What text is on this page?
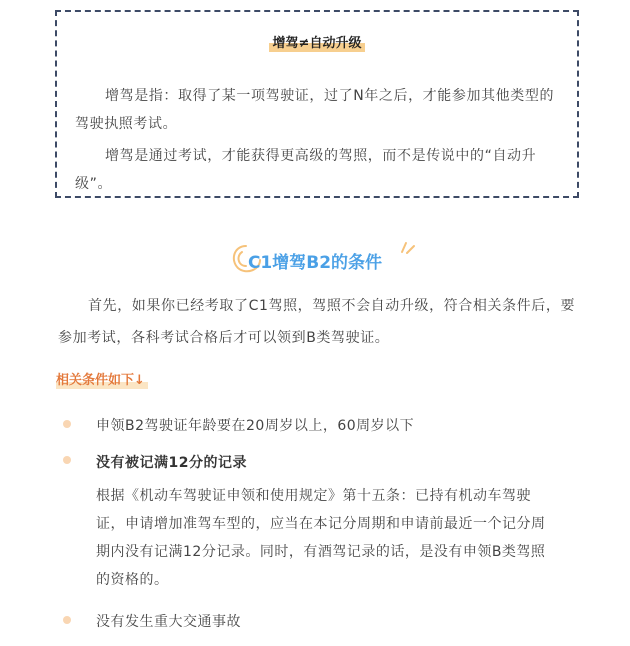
增驾≠自动升级
增驾是指：取得了某一项驾驶证，过了N年之后，才能参加其他类型的驾驶执照考试。
增驾是通过考试，才能获得更高级的驾照，而不是传说中的“自动升级”。
C1增驾B2的条件
首先，如果你已经考取了C1驾照，驾照不会自动升级，符合相关条件后，要参加考试，各科考试合格后才可以领到B类驾驶证。
相关条件如下↓
申领B2驾驶证年龄要在20周岁以上，60周岁以下
没有被记满12分的记录
根据《机动车驾驶证申领和使用规定》第十五条：已持有机动车驾驶证，申请增加准驾车型的，应当在本记分周期和申请前最近一个记分周期内没有记满12分记录。同时，有酒驾记录的话，是没有申领B类驾照的资格的。
没有发生重大交通事故
